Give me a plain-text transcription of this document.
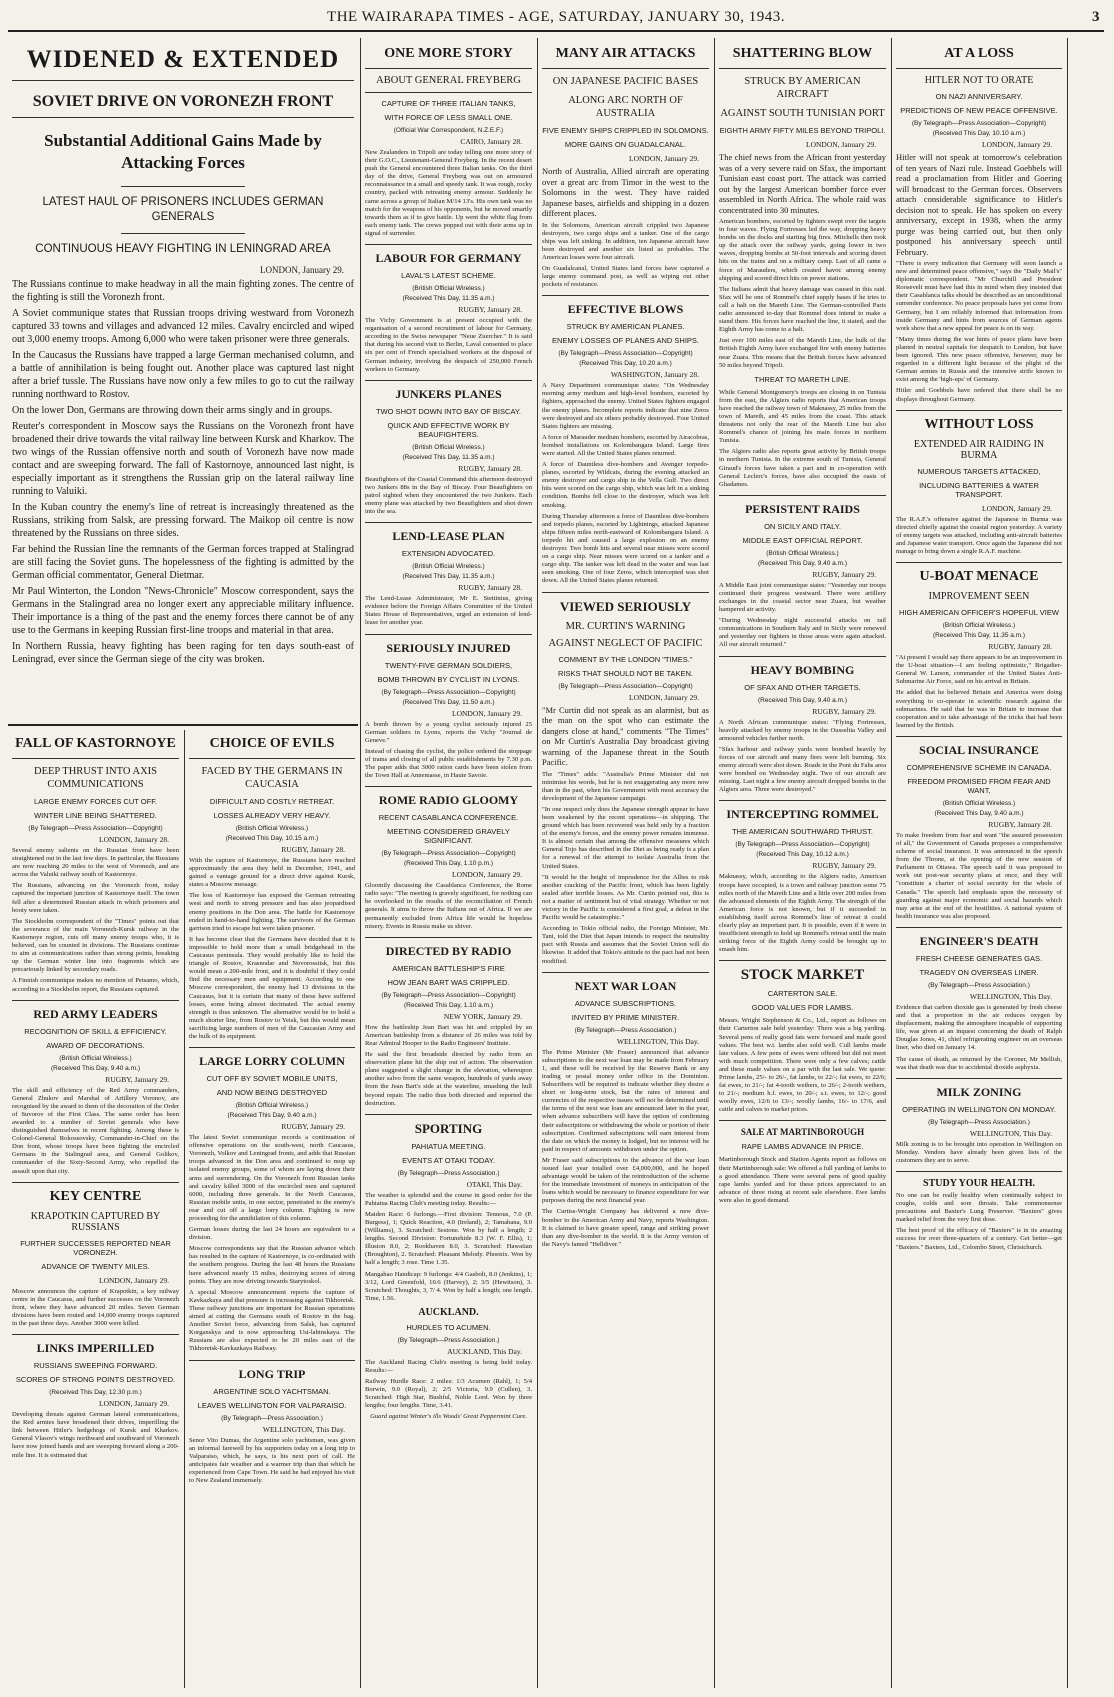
THE WAIRARAPA TIMES - AGE, SATURDAY, JANUARY 30, 1943.	3
WIDENED & EXTENDED
SOVIET DRIVE ON VORONEZH FRONT
Substantial Additional Gains Made by Attacking Forces
LATEST HAUL OF PRISONERS INCLUDES GERMAN GENERALS
CONTINUOUS HEAVY FIGHTING IN LENINGRAD AREA
LONDON, January 29.

The Russians continue to make headway in all the main fighting zones. The centre of the fighting is still the Voronezh front.

A Soviet communique states that Russian troops driving westward from Voronezh captured 33 towns and villages and advanced 12 miles. Cavalry encircled and wiped out 3,000 enemy troops. Among 6,000 who were taken prisoner were three generals.

In the Caucasus the Russians have trapped a large German mechanised column, and a battle of annihilation is being fought out. Another place was captured last night after a brief tussle. The Russians have now only a few miles to go to cut the railway running northward to Rostov.

On the lower Don, Germans are throwing down their arms singly and in groups.

Reuter's correspondent in Moscow says the Russians on the Voronezh front have broadened their drive towards the vital railway line between Kursk and Kharkov. The two wings of the Russian offensive north and south of Voronezh have now made contact and are sweeping forward. The fall of Kastornoye, announced last night, is especially important as it strengthens the Russian grip on the lateral railway line running to Valuiki.

In the Kuban country the enemy's line of retreat is increasingly threatened as the Russians, striking from Salsk, are pressing forward. The Maikop oil centre is now threatened by the Russians on three sides.

Far behind the Russian line the remnants of the German forces trapped at Stalingrad are still facing the Soviet guns. The hopelessness of the fighting is admitted by the German official commentator, General Dietmar.

Mr Paul Winterton, the London "News-Chronicle" Moscow correspondent, says the Germans in the Stalingrad area no longer exert any appreciable military influence. Their importance is a thing of the past and the enemy forces there cannot be of any use to the Germans in keeping Russian first-line troops and material in that area.

In Northern Russia, heavy fighting has been raging for ten days south-east of Leningrad, ever since the German siege of the city was broken.

FALL OF KASTORNOYE
DEEP THRUST INTO AXIS COMMUNICATIONS
LARGE ENEMY FORCES CUT OFF.
WINTER LINE BEING SHATTERED.
(By Telegraph—Press Association—Copyright)
LONDON, January 28.

Several enemy salients on the Russian front have been straightened out in the last few days. In particular, the Russians are now reaching 20 miles to the west of Voronezh, and are across the Valuiki railway south of Kastornoye.

The Russians, advancing on the Voronezh front, today captured the important junction of Kastornoye itself. The town fell after a determined Russian attack in which prisoners and booty were taken.

The Stockholm correspondent of the "Times" points out that the severance of the main Voronezh-Kursk railway in the Kastornoye region, cuts off many enemy troops who, it is believed, can be counted in divisions. The Russians continue to aim at communications rather than strong points, breaking up the German winter line into fragments which are precariously linked by secondary roads.

A Finnish communique makes no mention of Petsamo, which, according to a Stockholm report, the Russians captured.

RED ARMY LEADERS
RECOGNITION OF SKILL & EFFICIENCY.
AWARD OF DECORATIONS.
(British Official Wireless.)
(Received This Day, 9.40 a.m.)
RUGBY, January 29.

The skill and efficiency of the Red Army commanders, General Zhukov and Marshal of Artillery Voronov, are recognised by the award to them of the decoration of the Order of Suvorov of the First Class. The same order has been awarded to a number of Soviet generals who have distinguished themselves in recent fighting. Among these is Colonel-General Rokossovsky, Commander-in-Chief on the Don front, whose troops have been fighting the encircled Germans in the Stalingrad area, and General Golikov, commander of the Sixty-Second Army, who repelled the assault upon that city.

KEY CENTRE
KRAPOTKIN CAPTURED BY RUSSIANS
FURTHER SUCCESSES REPORTED NEAR VORONEZH.
ADVANCE OF TWENTY MILES.
LONDON, January 29.

Moscow announces the capture of Krapotkin, a key railway centre in the Caucasus, and further successes on the Voronezh front, where they have advanced 20 miles. Seven German divisions have been routed and 14,000 enemy troops captured in the past three days. Another 3000 were killed.

LINKS IMPERILLED
RUSSIANS SWEEPING FORWARD.
SCORES OF STRONG POINTS DESTROYED.
(Received This Day, 12.30 p.m.)
LONDON, January 29.

Developing threats against German lateral communications, the Red armies have broadened their drives, imperilling the link between Hitler's hedgehogs of Kursk and Kharkov. General Vlasov's wings northward and southward of Voronezh have now joined hands and are sweeping forward along a 200-mile line. It is estimated that

CHOICE OF EVILS
FACED BY THE GERMANS IN CAUCASIA
DIFFICULT AND COSTLY RETREAT.
LOSSES ALREADY VERY HEAVY.
(British Official Wireless.)
(Received This Day, 10.15 a.m.)
RUGBY, January 28.

With the capture of Kastornoye, the Russians have reached approximately the area they held in December, 1941, and gained a vantage ground for a direct drive against Kursk, states a Moscow message.

The loss of Kastornoye has exposed the German retreating west and north to strong pressure and has also jeopardised enemy positions in the Don area. The battle for Kastornoye ended in hand-to-hand fighting. The survivors of the German garrison tried to escape but were taken prisoner.

It has become clear that the Germans have decided that it is impossible to hold more than a small bridgehead in the Caucasus peninsula. They would probably like to hold the triangle of Rostov, Krasnodar and Novorossiisk, but this would mean a 200-mile front, and it is doubtful if they could find the necessary men and equipment. According to one Moscow correspondent, the enemy had 13 divisions in the Caucasus, but it is certain that many of these have suffered losses, some being almost decimated. The actual enemy strength is thus unknown. The alternative would be to hold a much shorter line, from Rostov to Yeisk, but this would mean sacrificing large numbers of men of the Caucasian Army and the bulk of its equipment.

LARGE LORRY COLUMN
CUT OFF BY SOVIET MOBILE UNITS,
AND NOW BEING DESTROYED
(British Official Wireless.)
(Received This Day, 9.40 a.m.)
RUGBY, January 29.

The latest Soviet communique records a continuation of offensive operations on the south-west, north Caucasus, Voronezh, Volkov and Leningrad fronts, and adds that Russian troops advanced in the Don area and continued to mop up isolated enemy groups, some of whom are laying down their arms and surrendering. On the Voronezh front Russian tanks and cavalry killed 3000 of the encircled men and captured 6000, including three generals. In the North Caucasus, Russian mobile units, in one sector, penetrated to the enemy's rear and cut off a large lorry column. Fighting is now proceeding for the annihilation of this column.

German losses during the last 24 hours are equivalent to a division.

Moscow correspondents say that the Russian advance which has resulted in the capture of Kastornoye, is co-ordinated with the southern progress. During the last 48 hours the Russians have advanced nearly 15 miles, destroying scores of strong points. They are now driving towards Starytoskol.

A special Moscow announcement reports the capture of Kavkazkaya and that pressure is increasing against Tikhoretsk. These railway junctions are important for Russian operations aimed at cutting the Germans south of Rostov in the bag. Another Soviet force, advancing from Salsk, has captured Korganskya and is now approaching Ust-labinskaya. The Russians are also expected to be 20 miles east of the Tikhoretsk-Kavkazkaya Railway.

LONG TRIP
ARGENTINE SOLO YACHTSMAN.
LEAVES WELLINGTON FOR VALPARAISO.
(By Telegraph—Press Association.)
WELLINGTON, This Day.

Senor Vito Dumas, the Argentine solo yachtsman, was given an informal farewell by his supporters today on a long trip to Valparaiso, which, he says, is his next port of call. He anticipates fair weather and a warmer trip than that which he experienced from Cape Town. He said he had enjoyed his visit to New Zealand immensely.

ONE MORE STORY
ABOUT GENERAL FREYBERG
CAPTURE OF THREE ITALIAN TANKS,
WITH FORCE OF LESS SMALL ONE.
(Official War Correspondent, N.Z.E.F.)
CAIRO, January 28.

New Zealanders in Tripoli are today telling one more story of their G.O.C., Lieutenant-General Freyberg. In the recent desert push the General encountered three Italian tanks. On the third day of the drive, General Freyberg was out on armoured reconnaissance in a small and speedy tank. It was rough, rocky country, packed with retreating enemy armour. Suddenly he came across a group of Italian M/14 13's. His own tank was no match for the weapons of his opponents, but he moved smartly towards them as if to give battle. Up went the white flag from each enemy tank. The crews popped out with their arms up in signal of surrender.

LABOUR FOR GERMANY
LAVAL'S LATEST SCHEME.
(British Official Wireless.)
(Received This Day, 11.35 a.m.)
RUGBY, January 28.

The Vichy Government is at present occupied with the organisation of a second recruitment of labour for Germany, according to the Swiss newspaper "Neue Zuercher." It is said that during his second visit to Berlin, Laval consented to place six per cent of French specialised workers at the disposal of German industry, involving the despatch of 250,000 French workers to Germany.

JUNKERS PLANES
TWO SHOT DOWN INTO BAY OF BISCAY.
QUICK AND EFFECTIVE WORK BY BEAUFIGHTERS.
(British Official Wireless.)
(Received This Day, 11.35 a.m.)
RUGBY, January 28.

Beaufighters of the Coastal Command this afternoon destroyed two Junkers 88s in the Bay of Biscay. Four Beaufighters on patrol sighted when they encountered the two Junkers. Each enemy plane was attacked by two Beaufighters and shot down into the sea.

LEND-LEASE PLAN
EXTENSION ADVOCATED.
(British Official Wireless.)
(Received This Day, 11.35 a.m.)
RUGBY, January 28.

The Lend-Lease Administrator, Mr E. Stettinius, giving evidence before the Foreign Affairs Committee of the United States House of Representatives, urged an extension of lend-lease for another year.

SERIOUSLY INJURED
TWENTY-FIVE GERMAN SOLDIERS,
BOMB THROWN BY CYCLIST IN LYONS.
(By Telegraph—Press Association—Copyright)
(Received This Day, 11.50 a.m.)
LONDON, January 29.

A bomb thrown by a young cyclist seriously injured 25 German soldiers in Lyons, reports the Vichy "Journal de Geneve."

Instead of chasing the cyclist, the police ordered the stoppage of trams and closing of all public establishments by 7.30 p.m. The paper adds that 3000 ration cards have been stolen from the Town Hall at Annemasse, in Haute Savoie.

ROME RADIO GLOOMY
RECENT CASABLANCA CONFERENCE.
MEETING CONSIDERED GRAVELY SIGNIFICANT.
(By Telegraph—Press Association—Copyright)
(Received This Day, 1.10 p.m.)
LONDON, January 29.

Gloomily discussing the Casablanca Conference, the Rome radio says: "The meeting is gravely significant, for nothing can be overlooked in the results of the reconciliation of French generals. It aims to throw the Italians out of Africa. If we are permanently excluded from Africa life would be hopeless misery. Events in Russia make us shiver.

DIRECTED BY RADIO
AMERICAN BATTLESHIP'S FIRE
HOW JEAN BART WAS CRIPPLED.
(By Telegraph—Press Association—Copyright)
(Received This Day, 1.10 a.m.)
NEW YORK, January 29.

How the battleship Jean Bart was hit and crippled by an American battleship from a distance of 26 miles was told by Rear Admiral Hooper to the Radio Engineers' Institute.

He said the first broadside directed by radio from an observation plane hit the ship out of action. The observation plane suggested a slight change in the elevation, whereupon another salvo from the same weapon, hundreds of yards away from the Jean Bart's side at the waterline, smashing the hull beyond repair. The radio thus both directed and reported the destruction.

SPORTING
PAHIATUA MEETING.
EVENTS AT OTAKI TODAY.
(By Telegraph—Press Association.)
OTAKI, This Day.

The weather is splendid and the course in good order for the Pahiatua Racing Club's meeting today. Results:—

Maiden Race: 6 furlongs.—First division: Tenuous, 7.0 (P. Burgess), 1; Quick Reaction, 4.0 (Ireland), 2; Tamahana, 9.0 (Williams), 3. Scratched: Sestone. Won by half a length; 2 lengths. Second Division: Fortunehide 8.3 (W. F. Ellis), 1; Illusion 8.0, 2; Rookhaven 8.0, 3. Scratched: Hawaiian (Broughton), 2. Scratched: Pleasant Melody. Phoenix. Won by half a length; 3 rose. Time 1.35.

Mangahao Handicap: 9 furlongs: 4/4 Gasbolt, 8.0 (Jenkins), 1; 3/12, Lord Greenfold, 10.6 (Harvey), 2; 3/5 (Hewitson), 3. Scratched: Thoughts, 3, 7/ 4. Won by half a length; one length. Time, 1.56.

AUCKLAND.
HURDLES TO ACUMEN.
(By Telegraph—Press Association.)
AUCKLAND, This Day.

The Auckland Racing Club's meeting is being held today. Results:—

Railway Hurdle Race: 2 miles: 1/3 Acumen (Rahl), 1; 5/4 Borwin, 9.0 (Royal), 2; 2/5 Victoria, 9.9 (Cullen), 3. Scratched: High Star, Bushful, Noble Lord. Won by three lengths; four lengths. Time, 3.41.

Guard against Winter's ills Woods' Great Peppermint Cure.

MANY AIR ATTACKS
ON JAPANESE PACIFIC BASES
ALONG ARC NORTH OF AUSTRALIA
FIVE ENEMY SHIPS CRIPPLED IN SOLOMONS.
MORE GAINS ON GUADALCANAL.
LONDON, January 29.

North of Australia, Allied aircraft are operating over a great arc from Timor in the west to the Solomons in the west. They have raided Japanese bases, airfields and shipping in a dozen different places.

In the Solomons, American aircraft crippled two Japanese destroyers, two cargo ships and a tanker. One of the cargo ships was left sinking. In addition, ten Japanese aircraft have been destroyed and another six listed as probables. The American losses were four aircraft.

On Guadalcanal, United States land forces have captured a large enemy command post, as well as wiping out other pockets of resistance.

EFFECTIVE BLOWS
STRUCK BY AMERICAN PLANES.
ENEMY LOSSES OF PLANES AND SHIPS.
(By Telegraph—Press Association—Copyright)
(Received This Day, 10.20 a.m.)
WASHINGTON, January 28.

A Navy Department communique states: "On Wednesday morning army medium and high-level bombers, escorted by fighters, approached the enemy. United States fighters engaged the enemy planes. Incomplete reports indicate that nine Zeros were destroyed and six others probably destroyed. Four United States fighters are missing.

A force of Marauder medium bombers, escorted by Airacobras, bombed installations on Kolombangara Island. Large fires were started. All the United States planes returned.

A force of Dauntless dive-bombers and Avenger torpedo-planes, escorted by Wildcats, during the evening attacked an enemy destroyer and cargo ship in the Vella Gulf. Two direct hits were scored on the cargo ship, which was left in a sinking condition. Bombs fell close to the destroyer, which was left smoking.

During Thursday afternoon a force of Dauntless dive-bombers and torpedo planes, escorted by Lightnings, attacked Japanese ships fifteen miles north-eastward of Kolombangara Island. A torpedo hit and caused a large explosion on an enemy destroyer. Two bomb hits and several near misses were scored on a cargo ship. Near misses were scored on a tanker and a cargo ship. The tanker was left dead in the water and was last seen smoking. One of four Zeros, which intercepted was shot down. All the United States planes returned.

VIEWED SERIOUSLY
MR. CURTIN'S WARNING
AGAINST NEGLECT OF PACIFIC
COMMENT BY THE LONDON "TIMES."
RISKS THAT SHOULD NOT BE TAKEN.
(By Telegraph—Press Association—Copyright)
LONDON, January 29.

"Mr Curtin did not speak as an alarmist, but as the man on the spot who can estimate the dangers close at hand," comments "The Times" on Mr Curtin's Australia Day broadcast giving warning of the Japanese threat in the South Pacific.

The "Times" adds: "Australia's Prime Minister did not minimise his words, but he is not exaggerating any more now than in the past, when his Government with most accuracy the development of the Japanese campaign.

"In one respect only does the Japanese strength appear to have been weakened by the recent operations—in shipping. The ground which has been recovered was held only by a fraction of the enemy's forces, and the enemy power remains immense. It is almost certain that among the offensive measures which General Tojo has described in the Diet as being ready is a plan for a renewal of the attempt to isolate Australia from the United States.

"It would be the height of imprudence for the Allies to risk another cracking of the Pacific front, which has been lightly sealed after terrible losses. As Mr. Curtin pointed out, this is not a matter of sentiment but of vital strategy. Whether or not victory in the Pacific is considered a first goal, a defeat in the Pacific would be catastrophic."

According to Tokio official radio, the Foreign Minister, Mr. Tani, told the Diet that Japan intends to respect the neutrality pact with Russia and assumes that the Soviet Union will do likewise. It added that Tokio's attitude to the pact had not been modified.

NEXT WAR LOAN
ADVANCE SUBSCRIPTIONS.
INVITED BY PRIME MINISTER.
(By Telegraph—Press Association.)
WELLINGTON, This Day.

The Prime Minister (Mr Fraser) announced that advance subscriptions to the next war loan may be made from February 1, and these will be received by the Reserve Bank or any trading or postal money order office in the Dominion. Subscribers will be required to indicate whether they desire a short or long-term stock, but the rates of interest and currencies of the respective issues will not be determined until the terms of the next war loan are announced later in the year, when advance subscribers will have the option of confirming their subscriptions or withdrawing the whole or portion of their subscription. Confirmed subscriptions will earn interest from the date on which the money is lodged, but no interest will be paid in respect of amounts withdrawn under the option.

Mr Fraser said subscriptions to the advance of the war loan issued last year totalled over £4,000,000, and he hoped advantage would be taken of the reintroduction of the scheme for the immediate investment of moneys in anticipation of the loans which would be necessary to finance expenditure for war purposes during the next financial year.

The Curtiss-Wright Company has delivered a new dive-bomber to the American Army and Navy, reports Washington. It is claimed to have greater speed, range and striking power than any dive-bomber in the world. It is the Army version of the Navy's famed "Helldiver."

SHATTERING BLOW
STRUCK BY AMERICAN AIRCRAFT
AGAINST SOUTH TUNISIAN PORT
EIGHTH ARMY FIFTY MILES BEYOND TRIPOLI.
LONDON, January 29.

The chief news from the African front yesterday was of a very severe raid on Sfax, the important Tunisian east coast port. The attack was carried out by the largest American bomber force ever assembled in North Africa. The whole raid was concentrated into 30 minutes.

American bombers, escorted by fighters swept over the targets in four waves. Flying Fortresses led the way, dropping heavy bombs on the docks and starting big fires. Mitchells then took up the attack over the railway yards, going lower in two waves, dropping bombs at 50-foot intervals and scoring direct hits on the trains and on a military camp. Last of all came a force of Marauders, which created havoc among enemy shipping and scored direct hits on power stations.

The Italians admit that heavy damage was caused in this raid. Sfax will be one of Rommel's chief supply bases if he tries to call a halt on the Mareth Line. The German-controlled Paris radio announced to-day that Rommel does intend to make a stand there. His forces have reached the line, it stated, and the Eighth Army has come to a halt.

Just over 100 miles east of the Mareth Line, the bulk of the British Eighth Army have exchanged fire with enemy batteries near Zuara. This means that the British forces have advanced 50 miles beyond Tripoli.

THREAT TO MARETH LINE.

While General Montgomery's troops are closing in on Tunisia from the east, the Algiers radio reports that American troops have reached the railway town of Maknassy, 25 miles from the town of Mareth, and 45 miles from the coast. This attack threatens not only the rear of the Mareth Line but also Rommel's chance of joining his main forces in northern Tunisia.

The Algiers radio also reports great activity by British troops in northern Tunisia. In the extreme south of Tunisia, General Giraud's forces have taken a part and in co-operation with General Leclerc's forces, have also occupied the oasis of Ghadames.

PERSISTENT RAIDS
ON SICILY AND ITALY.
MIDDLE EAST OFFICIAL REPORT.
(British Official Wireless.)
(Received This Day, 9.40 a.m.)
RUGBY, January 29.

A Middle East joint communique states: "Yesterday our troops continued their progress westward. There were artillery exchanges in the coastal sector near Zuara, but weather hampered air activity.

"During Wednesday night successful attacks on rail communications in Southern Italy and in Sicily were renewed and yesterday our fighters in those areas were again attacked. All our aircraft returned."

HEAVY BOMBING
OF SFAX AND OTHER TARGETS.
(Received This Day, 9.40 a.m.)
RUGBY, January 29.

A North African communique states: "Flying Fortresses, heavily attacked by enemy troops in the Ousseltia Valley and armoured vehicles further north.

"Sfax harbour and railway yards were bombed heavily by forces of our aircraft and many fires were left burning. Six enemy aircraft were shot down. Roads in the Pont du Fahs area were bombed on Wednesday night. Two of our aircraft are missing. Last night a few enemy aircraft dropped bombs in the Algiers area. Three were destroyed."

INTERCEPTING ROMMEL
THE AMERICAN SOUTHWARD THRUST.
(By Telegraph—Press Association—Copyright)
(Received This Day, 10.12 a.m.)
RUGBY, January 29.

Maknassy, which, according to the Algiers radio, American troops have occupied, is a town and railway junction some 75 miles north of the Mareth Line and a little over 200 miles from the advanced elements of the Eighth Army. The strength of the American force is not known, but if it succeeded in establishing itself across Rommel's line of retreat it could clearly play an important part. It is possible, even if it were in insufficient strength to hold up Rommel's retreat until the main striking force of the Eighth Army could be brought up to smash him.

STOCK MARKET
CARTERTON SALE.
GOOD VALUES FOR LAMBS.

Messrs. Wright Stephenson & Co., Ltd., report as follows on their Carterton sale held yesterday: There was a big yarding. Several pens of really good fats were forward and made good values. The best w.t. lambs also sold well. Cull lambs made late values. A few pens of ewes were offered but did not meet with much competition. There were only a few calves; cattle and these made values on a par with the last sale. We quote: Prime lambs, 25/- to 26/-, fat lambs, to 22/-; fat ewes, to 22/6; fat ewes, to 21/-; fat 4-tooth wethers, to 26/-; 2-tooth wethers, to 21/-; medium h.f. ewes, to 20/-; s.t. ewes, to 12/-; good woolly ewes, 12/6 to 13/-; woolly lambs, 16/- to 17/6, and cattle and calves to market prices.

SALE AT MARTINBOROUGH
RAPE LAMBS ADVANCE IN PRICE.

Martinborough Stock and Station Agents report as follows on their Martinborough sale: We offered a full yarding of lambs to a good attendance. There were several pens of good quality rape lambs yarded and for these prices appreciated to an advance of three rising at recent sale elsewhere. Ewe lambs were also in good demand.

AT A LOSS
HITLER NOT TO ORATE
ON NAZI ANNIVERSARY.
PREDICTIONS OF NEW PEACE OFFENSIVE.
(By Telegraph—Press Association—Copyright)
(Received This Day, 10.10 a.m.)
LONDON, January 29.

Hitler will not speak at tomorrow's celebration of ten years of Nazi rule. Instead Goebbels will read a proclamation from Hitler and Goering will broadcast to the German forces. Observers attach considerable significance to Hitler's decision not to speak. He has spoken on every anniversary, except in 1938, when the army purge was being carried out, but then only postponed his anniversary speech until February.

"There is every indication that Germany will soon launch a new and determined peace offensive," says the "Daily Mail's" diplomatic correspondent. "Mr Churchill and President Roosevelt must have had this in mind when they insisted that their Casablanca talks should be described as an unconditional surrender conference. No peace proposals have yet come from Germany, but I am reliably informed that information from inside Germany and hints from sources of German agents work show that a new appeal for peace is on its way.

"Many times during the war hints of peace plans have been planted in neutral capitals for despatch to London, but have been ignored. This new peace offensive, however, may be regarded in a different light because of the plight of the German armies in Russia and the intensive strife known to exist among the 'high-ups' of Germany.

Hitler and Goebbels have ordered that there shall be no displays throughout Germany.

WITHOUT LOSS
EXTENDED AIR RAIDING IN BURMA
NUMEROUS TARGETS ATTACKED,
INCLUDING BATTERIES & WATER TRANSPORT.
LONDON, January 29.

The R.A.F.'s offensive against the Japanese in Burma was directed chiefly against the coastal region yesterday. A variety of enemy targets was attacked, including anti-aircraft batteries and Japanese water transport. Once again the Japanese did not manage to bring down a single R.A.F. machine.

U-BOAT MENACE
IMPROVEMENT SEEN
HIGH AMERICAN OFFICER'S HOPEFUL VIEW
(British Official Wireless.)
(Received This Day, 11.35 a.m.)
RUGBY, January 28.

"At present I would say there appears to be an improvement in the U-boat situation—I am feeling optimistic," Brigadier-General W. Larson, commander of the United States Anti-Submarine Air Force, said on his arrival in Britain.

He added that he believed Britain and America were doing everything to co-operate in scientific research against the submarines. He said that he was in Britain to increase that cooperation and to take advantage of the tricks that had been learned by the British.

SOCIAL INSURANCE
COMPREHENSIVE SCHEME IN CANADA.
FREEDOM PROMISED FROM FEAR AND WANT,
(British Official Wireless.)
(Received This Day, 9.40 a.m.)
RUGBY, January 28.

To make freedom from fear and want "the assured possession of all," the Government of Canada proposes a comprehensive scheme of social insurance. It was announced in the speech from the Throne, at the opening of the new session of Parliament in Ottawa. The speech said it was proposed to work out post-war security plans at once, and they will "constitute a charter of social security for the whole of Canada." The speech laid emphasis upon the necessity of guarding against major economic and social hazards which may arise at the end of the hostilities. A national system of health insurance was also proposed.

ENGINEER'S DEATH
FRESH CHEESE GENERATES GAS.
TRAGEDY ON OVERSEAS LINER.
(By Telegraph—Press Association.)
WELLINGTON, This Day.

Evidence that carbon dioxide gas is generated by fresh cheese and that a proportion in the air reduces oxygen by displacement, making the atmosphere incapable of supporting life, was given at an inquest concerning the death of Ralph Douglas Jones, 41, chief refrigerating engineer on an overseas liner, who died on January 14.

The cause of death, as returned by the Coroner, Mr Mellish, was that death was due to accidental dioxide asphyxia.

MILK ZONING
OPERATING IN WELLINGTON ON MONDAY.
(By Telegraph—Press Association.)
WELLINGTON, This Day.

Milk zoning is to be brought into operation in Wellington on Monday. Vendors have already been given lists of the customers they are to serve.

STUDY YOUR HEALTH.

No one can be really healthy when continually subject to coughs, colds and sore throats. Take commonsense precautions and Baxter's Lung Preserver. "Baxters" gives marked relief from the very first dose.

The best proof of the efficacy of "Baxters" is in its amazing success for over three-quarters of a century. Get better—get "Baxters." Baxters, Ltd., Colombo Street, Christchurch.
